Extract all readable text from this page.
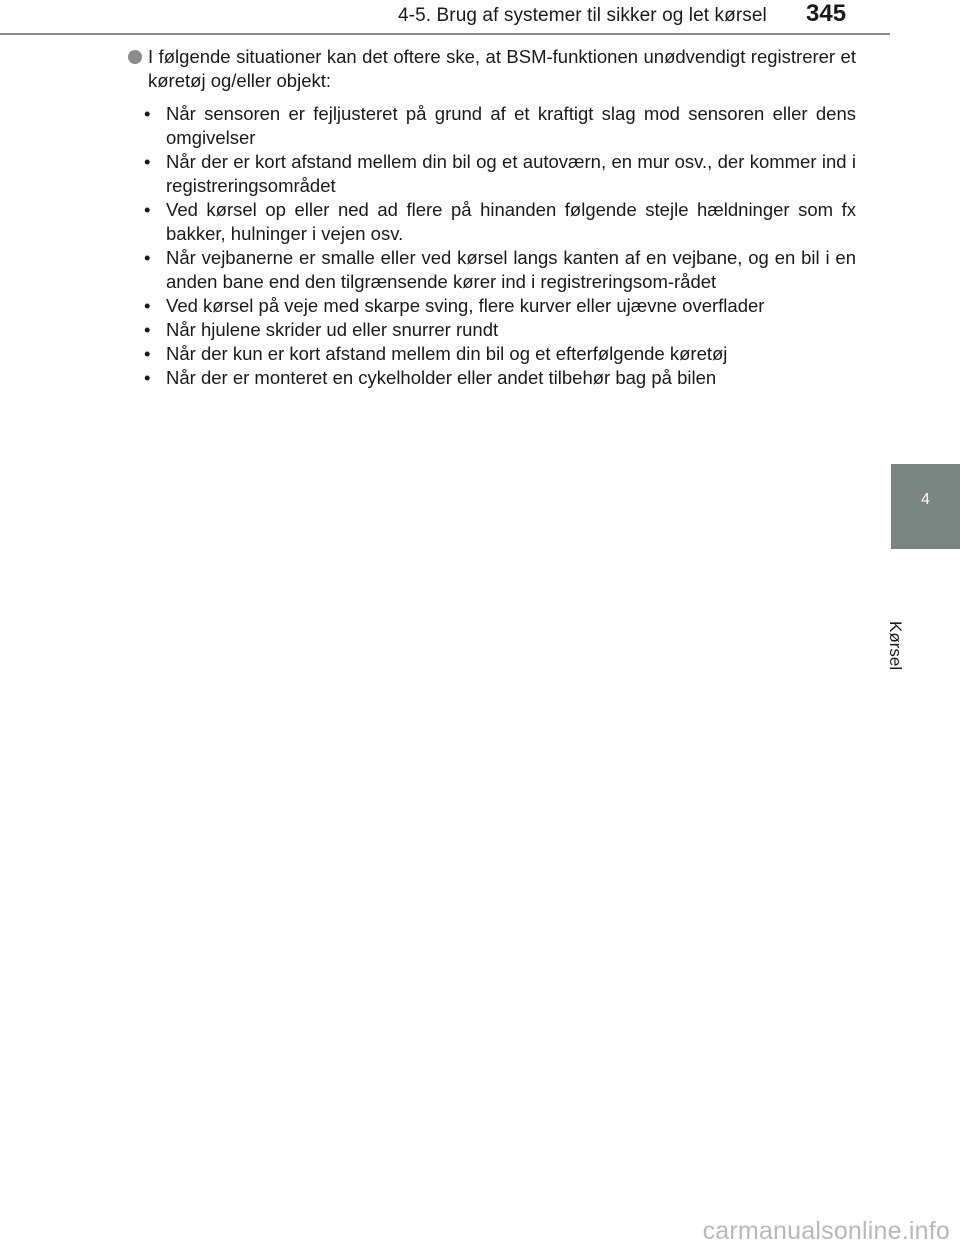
4-5. Brug af systemer til sikker og let kørsel 345
4
Kørsel
I følgende situationer kan det oftere ske, at BSM-funktionen unødvendigt registrerer et køretøj og/eller objekt:
• Når sensoren er fejljusteret på grund af et kraftigt slag mod sensoren eller dens omgivelser
• Når der er kort afstand mellem din bil og et autoværn, en mur osv., der kommer ind i registreringsområdet
• Ved kørsel op eller ned ad flere på hinanden følgende stejle hældninger som fx bakker, hulninger i vejen osv.
• Når vejbanerne er smalle eller ved kørsel langs kanten af en vejbane, og en bil i en anden bane end den tilgrænsende kører ind i registreringsom-rådet
• Ved kørsel på veje med skarpe sving, flere kurver eller ujævne overflader
• Når hjulene skrider ud eller snurrer rundt
• Når der kun er kort afstand mellem din bil og et efterfølgende køretøj
• Når der er monteret en cykelholder eller andet tilbehør bag på bilen
carmanualsonline.info
